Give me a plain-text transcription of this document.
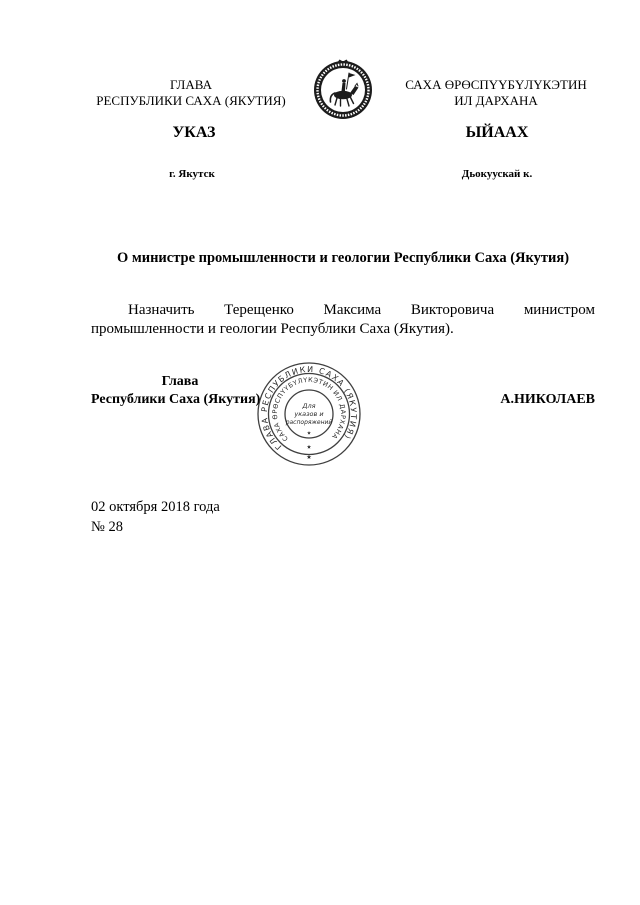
ГЛАВА
РЕСПУБЛИКИ САХА (ЯКУТИЯ)
САХА ӨРӨСПҮҮБҮЛҮКЭТИН
ИЛ ДАРХАНА
УКАЗ	ЫЙААХ
г. Якутск	Дьокуускай к.
О министре промышленности и геологии Республики Саха (Якутия)
Назначить Терещенко Максима Викторовича министром
промышленности и геологии Республики Саха (Якутия).
Глава
Республики Саха (Якутия)	А.НИКОЛАЕВ
ГЛАВА РЕСПУБЛИКИ САХА (ЯКУТИЯ)
САХА ӨРӨСПҮҮБҮЛҮКЭТИН ИЛ ДАРХАНА
Для
указов и
распоряжений
02 октября 2018 года
№ 28
